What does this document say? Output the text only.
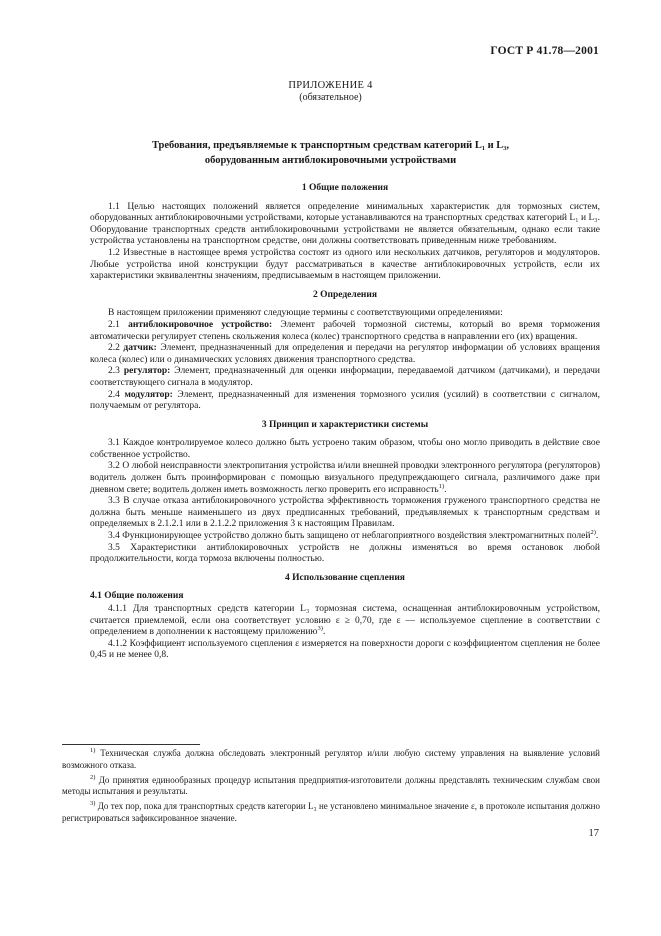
ГОСТ Р 41.78—2001
ПРИЛОЖЕНИЕ 4
(обязательное)
Требования, предъявляемые к транспортным средствам категорий L₁ и L₃,
оборудованным антиблокировочными устройствами
1 Общие положения

1.1 Целью настоящих положений является определение минимальных характеристик для тормозных систем, оборудованных антиблокировочными устройствами, которые устанавливаются на транспортных средствах категорий L₁ и L₃. Оборудование транспортных средств антиблокировочными устройствами не является обязательным, однако если такие устройства установлены на транспортном средстве, они должны соответствовать приведенным ниже требованиям.

1.2 Известные в настоящее время устройства состоят из одного или нескольких датчиков, регуляторов и модуляторов. Любые устройства иной конструкции будут рассматриваться в качестве антиблокировочных устройств, если их характеристики эквивалентны значениям, предписываемым в настоящем приложении.

2 Определения

В настоящем приложении применяют следующие термины с соответствующими определениями:

2.1 антиблокировочное устройство: Элемент рабочей тормозной системы, который во время торможения автоматически регулирует степень скольжения колеса (колес) транспортного средства в направлении его (их) вращения.

2.2 датчик: Элемент, предназначенный для определения и передачи на регулятор информации об условиях вращения колеса (колес) или о динамических условиях движения транспортного средства.

2.3 регулятор: Элемент, предназначенный для оценки информации, передаваемой датчиком (датчиками), и передачи соответствующего сигнала в модулятор.

2.4 модулятор: Элемент, предназначенный для изменения тормозного усилия (усилий) в соответствии с сигналом, получаемым от регулятора.

3 Принцип и характеристики системы

3.1 Каждое контролируемое колесо должно быть устроено таким образом, чтобы оно могло приводить в действие свое собственное устройство.

3.2 О любой неисправности электропитания устройства и/или внешней проводки электронного регулятора (регуляторов) водитель должен быть проинформирован с помощью визуального предупреждающего сигнала, различимого даже при дневном свете; водитель должен иметь возможность легко проверить его исправность$^{1)}$.

3.3 В случае отказа антиблокировочного устройства эффективность торможения груженого транспортного средства не должна быть меньше наименьшего из двух предписанных требований, предъявляемых к транспортным средствам и определяемых в 2.1.2.1 или в 2.1.2.2 приложения 3 к настоящим Правилам.

3.4 Функционирующее устройство должно быть защищено от неблагоприятного воздействия электромагнитных полей$^{2)}$.

3.5 Характеристики антиблокировочных устройств не должны изменяться во время остановок любой продолжительности, когда тормоза включены полностью.

4 Использование сцепления
4.1 Общие положения

4.1.1 Для транспортных средств категории L₃ тормозная система, оснащенная антиблокировочным устройством, считается приемлемой, если она соответствует условию ε ≥ 0,70, где ε — используемое сцепление в соответствии с определением в дополнении к настоящему приложению$^{3)}$.

4.1.2 Коэффициент используемого сцепления ε измеряется на поверхности дороги с коэффициентом сцепления не более 0,45 и не менее 0,8.

$^{1)}$ Техническая служба должна обследовать электронный регулятор и/или любую систему управления на выявление условий возможного отказа.

$^{2)}$ До принятия единообразных процедур испытания предприятия-изготовители должны представлять техническим службам свои методы испытания и результаты.

$^{3)}$ До тех пор, пока для транспортных средств категории L₃ не установлено минимальное значение ε, в протоколе испытания должно регистрироваться зафиксированное значение.

17
